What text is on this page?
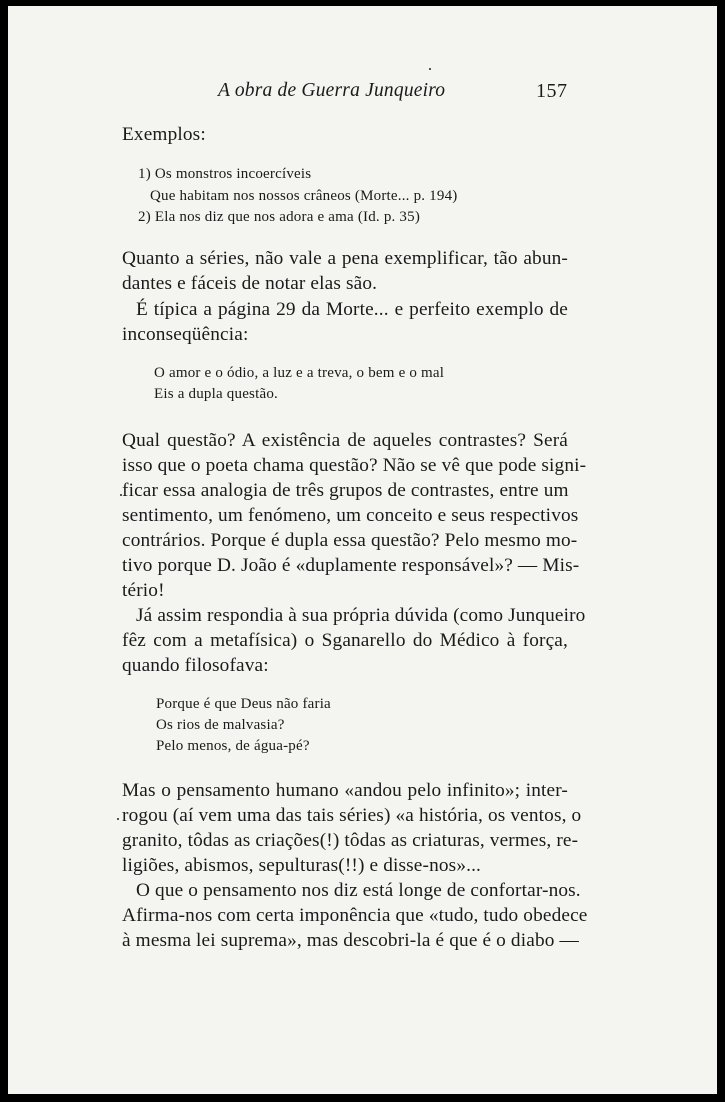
A obra de Guerra Junqueiro	157
Exemplos:
1) Os monstros incoercíveis
Que habitam nos nossos crâneos (Morte... p. 194)
2) Ela nos diz que nos adora e ama (Id. p. 35)
Quanto a séries, não vale a pena exemplificar, tão abun-
dantes e fáceis de notar elas são.
É típica a página 29 da Morte... e perfeito exemplo de
inconseqüência:
O amor e o ódio, a luz e a treva, o bem e o mal
Eis a dupla questão.
Qual questão? A existência de aqueles contrastes? Será
isso que o poeta chama questão? Não se vê que pode signi-
ficar essa analogia de três grupos de contrastes, entre um
sentimento, um fenómeno, um conceito e seus respectivos
contrários. Porque é dupla essa questão? Pelo mesmo mo-
tivo porque D. João é «duplamente responsável»? — Mis-
tério!
Já assim respondia à sua própria dúvida (como Junqueiro
fêz com a metafísica) o Sganarello do Médico à força,
quando filosofava:
Porque é que Deus não faria
Os rios de malvasia?
Pelo menos, de água-pé?
Mas o pensamento humano «andou pelo infinito»; inter-
rogou (aí vem uma das tais séries) «a história, os ventos, o
granito, tôdas as criações(!) tôdas as criaturas, vermes, re-
ligiões, abismos, sepulturas(!!) e disse-nos»...
O que o pensamento nos diz está longe de confortar-nos.
Afirma-nos com certa imponência que «tudo, tudo obedece
à mesma lei suprema», mas descobri-la é que é o diabo —
